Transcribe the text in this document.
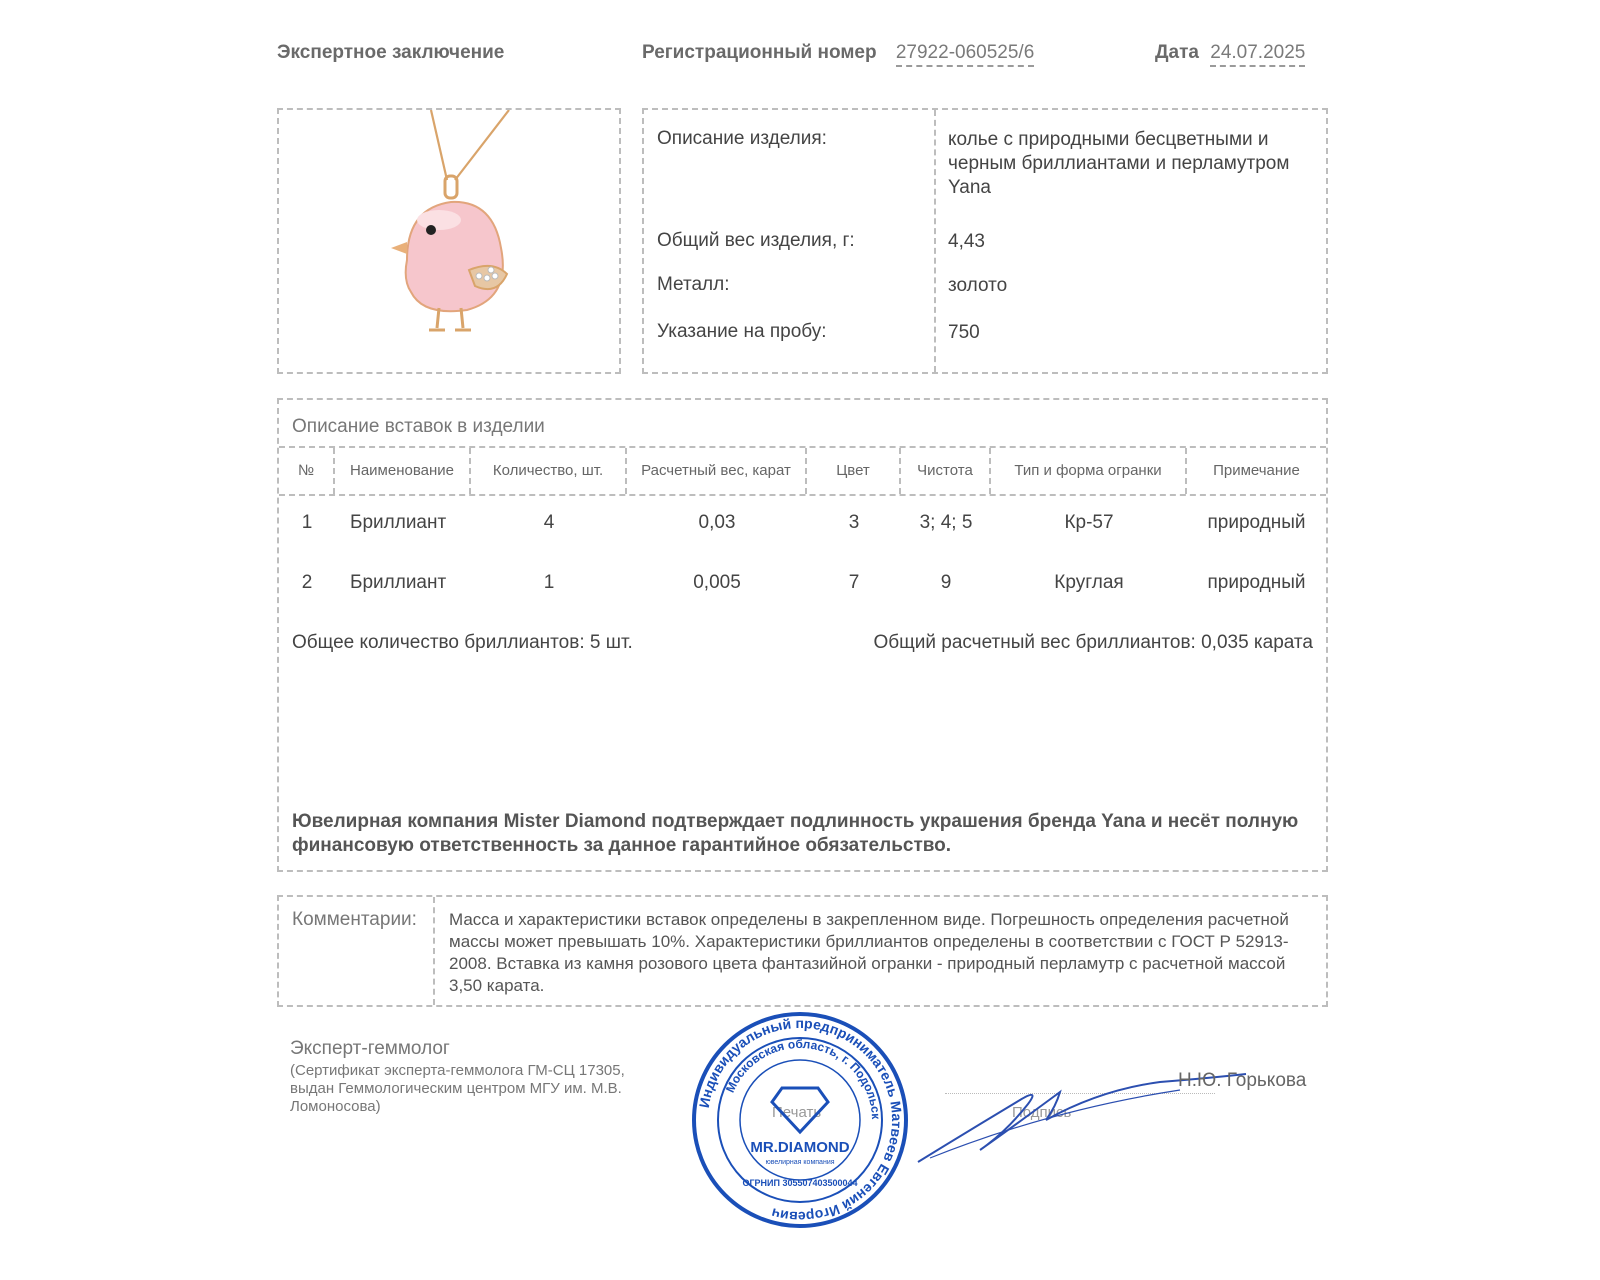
Экспертное заключение	Регистрационный номер 27922-060525/6	Дата 24.07.2025
Описание изделия:	колье с природными бесцветными и черным бриллиантами и перламутром Yana
Общий вес изделия, г:	4,43
Металл:	золото
Указание на пробу:	750
Описание вставок в изделии
№	Наименование	Количество, шт.	Расчетный вес, карат	Цвет	Чистота	Тип и форма огранки	Примечание
1	Бриллиант	4	0,03	3	3; 4; 5	Кр-57	природный
2	Бриллиант	1	0,005	7	9	Круглая	природный
Общее количество бриллиантов: 5 шт.	Общий расчетный вес бриллиантов: 0,035 карата
Ювелирная компания Mister Diamond подтверждает подлинность украшения бренда Yana и несёт полную финансовую ответственность за данное гарантийное обязательство.
Комментарии: Масса и характеристики вставок определены в закрепленном виде. Погрешность определения расчетной массы может превышать 10%. Характеристики бриллиантов определены в соответствии с ГОСТ Р 52913-2008. Вставка из камня розового цвета фантазийной огранки - природный перламутр с расчетной массой 3,50 карата.
Эксперт-геммолог
(Сертификат эксперта-геммолога ГМ-СЦ 17305, выдан Геммологическим центром МГУ им. М.В. Ломоносова)	Печать
Индивидуальный предприниматель Матвеев Евгений Игоревич
Московская область, г. Подольск
MR.DIAMOND
ювелирная компания
ОГРНИП 305507403500044
Подпись
Н.Ю. Горькова
